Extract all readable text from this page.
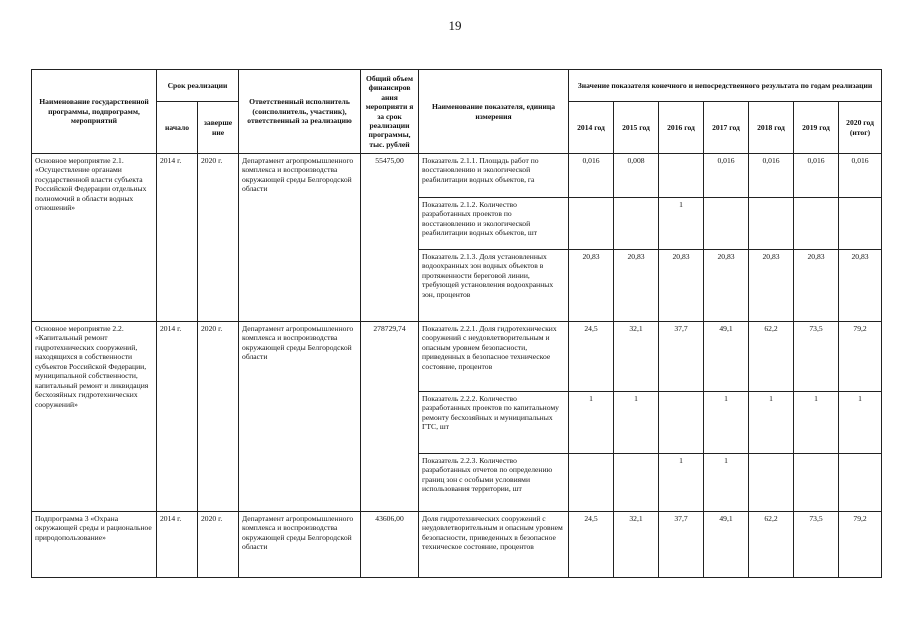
19
Наименование государственной программы, подпрограмм, мероприятий	Срок реализации		Ответственный исполнитель (соисполнитель, участник), ответственный за реализацию	Общий объем финансиров ания мероприяти я за срок реализации программы, тыс. рублей	Наименование показателя, единица измерения	Значение показателя конечного и непосредственного результата по годам реализации						
	начало	заверше ние				2014 год	2015 год	2016 год	2017 год	2018 год	2019 год	2020 год (итог)
Основное мероприятие 2.1. «Осуществление органами государственной власти субъекта Российской Федерации отдельных полномочий в области водных отношений»	2014 г.	2020 г.	Департамент агропромышленного комплекса и воспроизводства окружающей среды Белгородской области	55475,00	Показатель 2.1.1. Площадь работ по восстановлению и экологической реабилитации водных объектов, га	0,016	0,008		0,016	0,016	0,016	0,016
					Показатель 2.1.2. Количество разработанных проектов по восстановлению и экологической реабилитации водных объектов, шт			1				
					Показатель 2.1.3. Доля установленных водоохранных зон водных объектов в протяженности береговой линии, требующей установления водоохранных зон, процентов	20,83	20,83	20,83	20,83	20,83	20,83	20,83
Основное мероприятие 2.2. «Капитальный ремонт гидротехнических сооружений, находящихся в собственности субъектов Российской Федерации, муниципальной собственности, капитальный ремонт и ликвидация бесхозяйных гидротехнических сооружений»	2014 г.	2020 г.	Департамент агропромышленного комплекса и воспроизводства окружающей среды Белгородской области	278729,74	Показатель 2.2.1. Доля гидротехнических сооружений с неудовлетворительным и опасным уровнем безопасности, приведенных в безопасное техническое состояние, процентов	24,5	32,1	37,7	49,1	62,2	73,5	79,2
					Показатель 2.2.2. Количество разработанных проектов по капитальному ремонту бесхозяйных и муниципальных ГТС, шт	1	1		1	1	1	1
					Показатель 2.2.3. Количество разработанных отчетов по определению границ зон с особыми условиями использования территории, шт			1	1			
Подпрограмма 3 «Охрана окружающей среды и рациональное природопользование»	2014 г.	2020 г.	Департамент агропромышленного комплекса и воспроизводства окружающей среды Белгородской области	43606,00	Доля гидротехнических сооружений с неудовлетворительным и опасным уровнем безопасности, приведенных в безопасное техническое состояние, процентов	24,5	32,1	37,7	49,1	62,2	73,5	79,2
